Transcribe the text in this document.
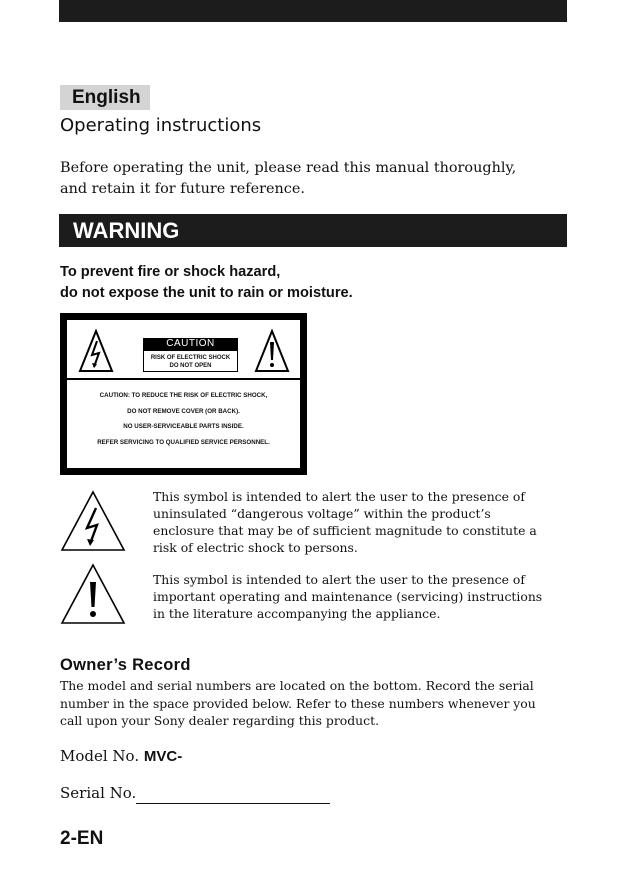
English
Operating instructions
Before operating the unit, please read this manual thoroughly,
and retain it for future reference.
WARNING
To prevent fire or shock hazard,
do not expose the unit to rain or moisture.
CAUTION
RISK OF ELECTRIC SHOCK
DO NOT OPEN
CAUTION: TO REDUCE THE RISK OF ELECTRIC SHOCK,
DO NOT REMOVE COVER (OR BACK).
NO USER-SERVICEABLE PARTS INSIDE.
REFER SERVICING TO QUALIFIED SERVICE PERSONNEL.
This symbol is intended to alert the user to the presence of
uninsulated “dangerous voltage” within the product’s
enclosure that may be of sufficient magnitude to constitute a
risk of electric shock to persons.
This symbol is intended to alert the user to the presence of
important operating and maintenance (servicing) instructions
in the literature accompanying the appliance.
Owner’s Record
The model and serial numbers are located on the bottom. Record the serial
number in the space provided below. Refer to these numbers whenever you
call upon your Sony dealer regarding this product.
Model No. MVC-
Serial No.
2-EN
